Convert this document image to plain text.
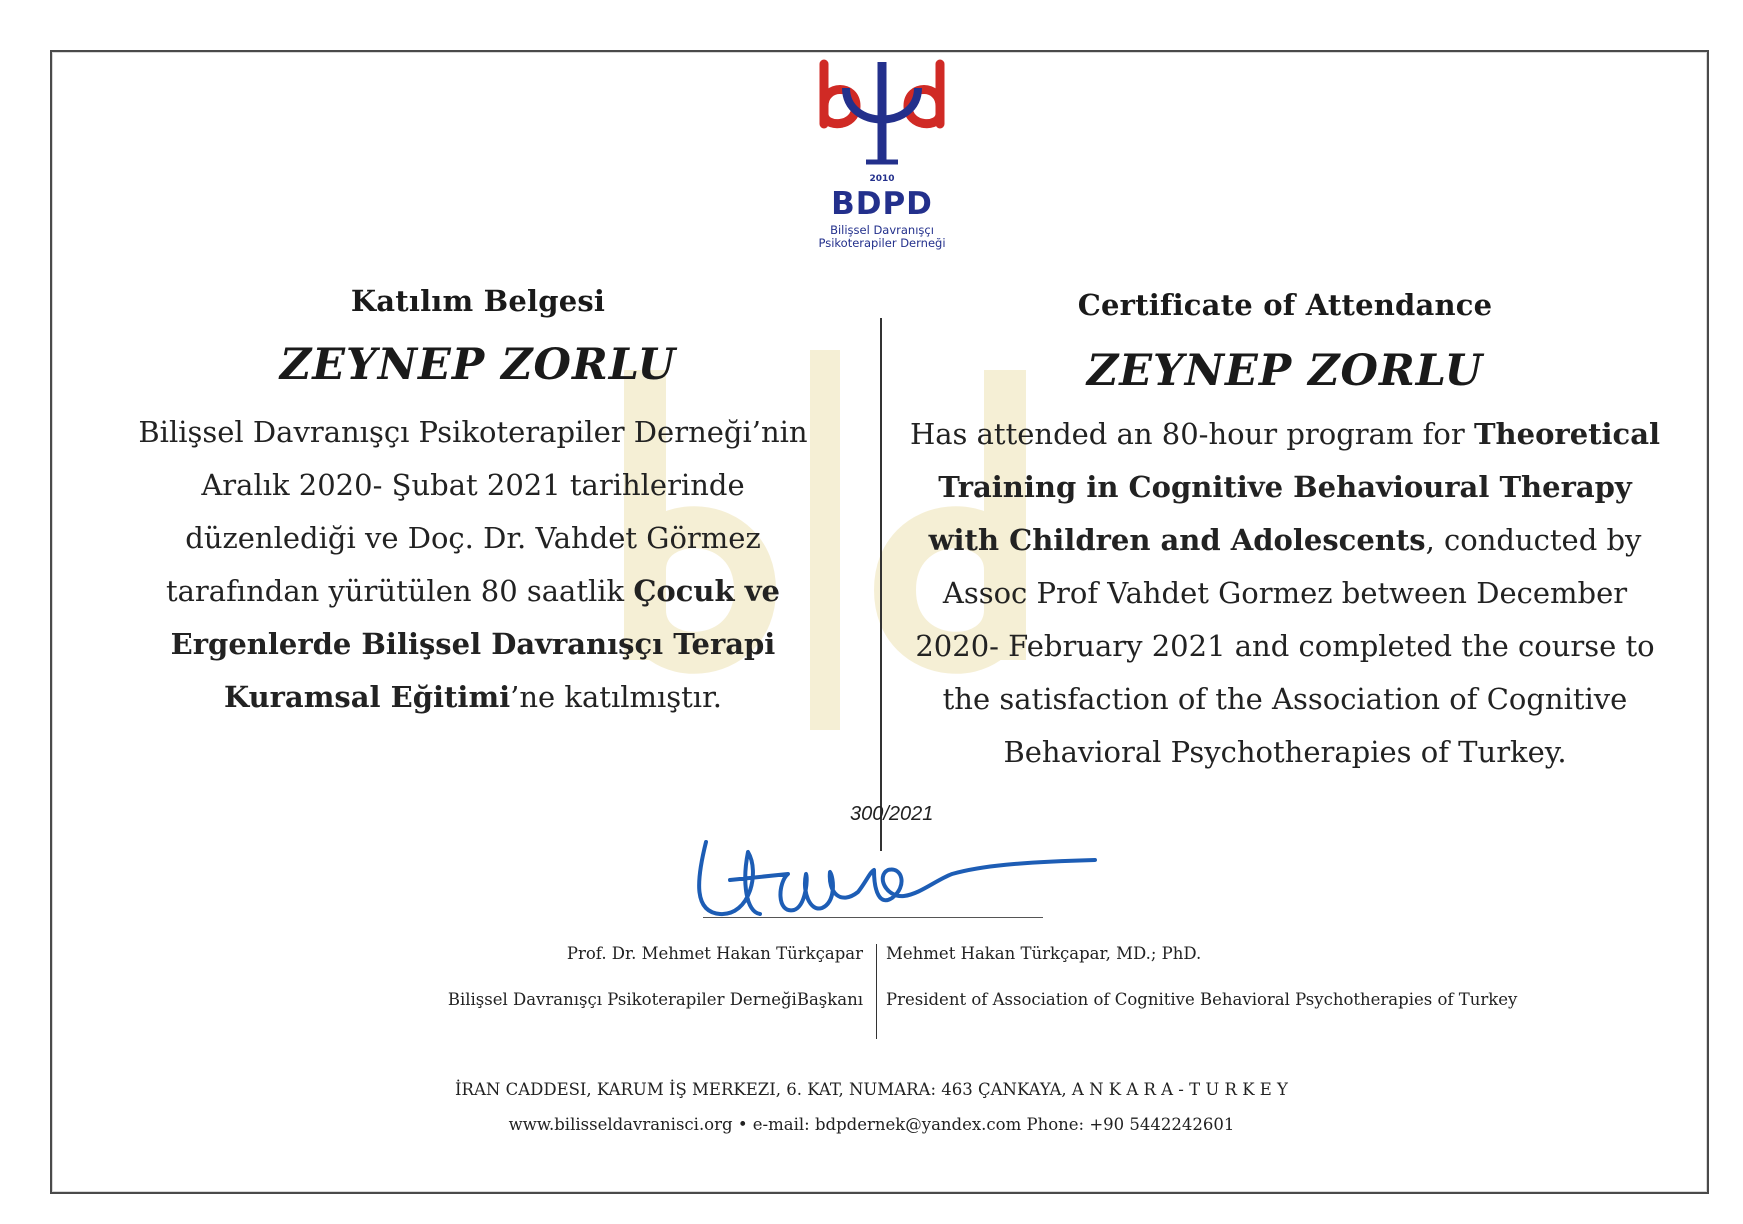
2010
BDPD
Bilişsel Davranışçı
Psikoterapiler Derneği
Katılım Belgesi
ZEYNEP ZORLU
Bilişsel Davranışçı Psikoterapiler Derneği’nin Aralık 2020- Şubat 2021 tarihlerinde düzenlediği ve Doç. Dr. Vahdet Görmez tarafından yürütülen 80 saatlik Çocuk ve Ergenlerde Bilişsel Davranışçı Terapi Kuramsal Eğitimi’ne katılmıştır.
Certificate of Attendance
ZEYNEP ZORLU
Has attended an 80-hour program for Theoretical Training in Cognitive Behavioural Therapy with Children and Adolescents, conducted by Assoc Prof Vahdet Gormez between December 2020- February 2021 and completed the course to the satisfaction of the Association of Cognitive Behavioral Psychotherapies of Turkey.
300/2021
Prof. Dr. Mehmet Hakan Türkçapar
Bilişsel Davranışçı Psikoterapiler DerneğiBaşkanı
Mehmet Hakan Türkçapar, MD.; PhD.
President of Association of Cognitive Behavioral Psychotherapies of Turkey
İRAN CADDESI, KARUM İŞ MERKEZI, 6. KAT, NUMARA: 463 ÇANKAYA, A N K A R A - T U R K E Y
www.bilisseldavranisci.org • e-mail: bdpdernek@yandex.com Phone: +90 5442242601
